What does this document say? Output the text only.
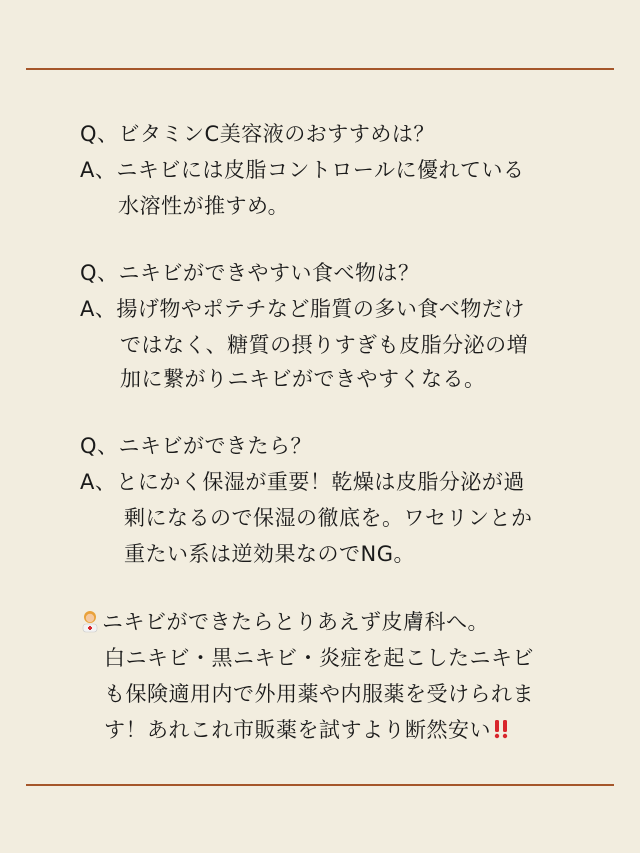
Q、ビタミンC美容液のおすすめは？
A、ニキビには皮脂コントロールに優れている
水溶性が推すめ。
Q、ニキビができやすい食べ物は？
A、揚げ物やポテチなど脂質の多い食べ物だけ
ではなく、糖質の摂りすぎも皮脂分泌の増
加に繋がりニキビができやすくなる。
Q、ニキビができたら？
A、とにかく保湿が重要！乾燥は皮脂分泌が過
剰になるので保湿の徹底を。ワセリンとか
重たい系は逆効果なのでNG。
ニキビができたらとりあえず皮膚科へ。
白ニキビ・黒ニキビ・炎症を起こしたニキビ
も保険適用内で外用薬や内服薬を受けられま
す！あれこれ市販薬を試すより断然安い
